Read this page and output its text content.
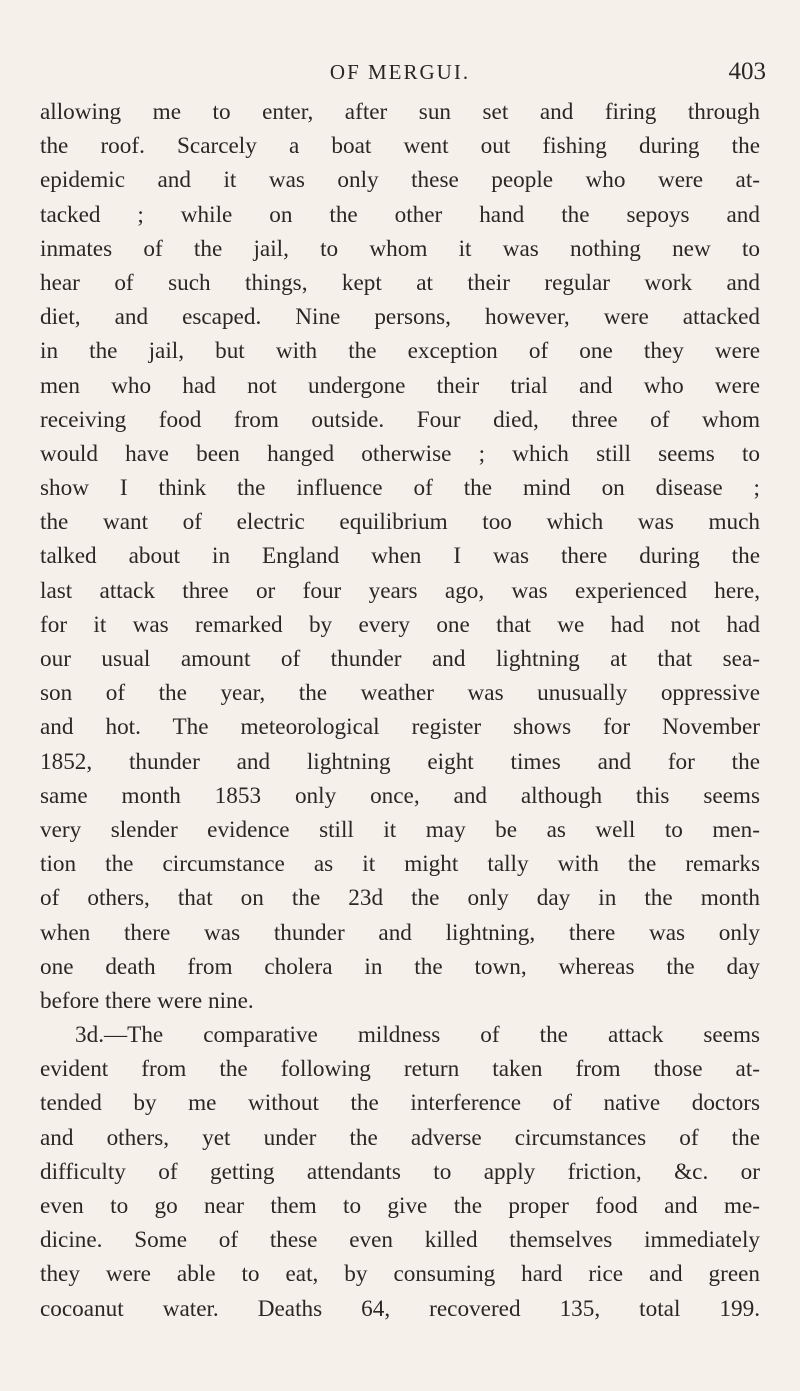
OF MERGUI.	403
allowing me to enter, after sun set and firing through
the roof. Scarcely a boat went out fishing during the
epidemic and it was only these people who were at-
tacked ; while on the other hand the sepoys and
inmates of the jail, to whom it was nothing new to
hear of such things, kept at their regular work and
diet, and escaped. Nine persons, however, were attacked
in the jail, but with the exception of one they were
men who had not undergone their trial and who were
receiving food from outside. Four died, three of whom
would have been hanged otherwise ; which still seems to
show I think the influence of the mind on disease ;
the want of electric equilibrium too which was much
talked about in England when I was there during the
last attack three or four years ago, was experienced here,
for it was remarked by every one that we had not had
our usual amount of thunder and lightning at that sea-
son of the year, the weather was unusually oppressive
and hot. The meteorological register shows for November
1852, thunder and lightning eight times and for the
same month 1853 only once, and although this seems
very slender evidence still it may be as well to men-
tion the circumstance as it might tally with the remarks
of others, that on the 23d the only day in the month
when there was thunder and lightning, there was only
one death from cholera in the town, whereas the day
before there were nine.
3d.—The comparative mildness of the attack seems
evident from the following return taken from those at-
tended by me without the interference of native doctors
and others, yet under the adverse circumstances of the
difficulty of getting attendants to apply friction, &c. or
even to go near them to give the proper food and me-
dicine. Some of these even killed themselves immediately
they were able to eat, by consuming hard rice and green
cocoanut water. Deaths 64, recovered 135, total 199.
